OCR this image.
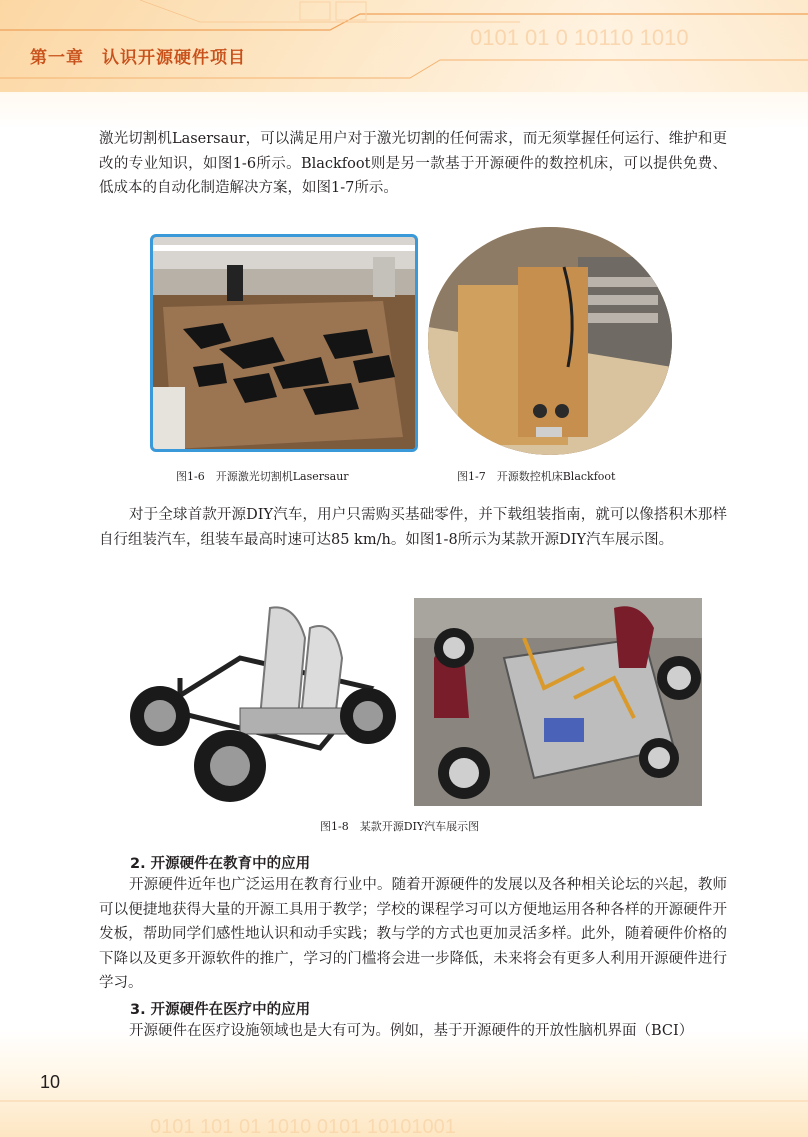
0101 01 0 10110 1010
第一章　认识开源硬件项目
激光切割机Lasersaur，可以满足用户对于激光切割的任何需求，而无须掌握任何运行、维护和更改的专业知识，如图1-6所示。Blackfoot则是另一款基于开源硬件的数控机床，可以提供免费、低成本的自动化制造解决方案，如图1-7所示。
图1-6　开源激光切割机Lasersaur	图1-7　开源数控机床Blackfoot
对于全球首款开源DIY汽车，用户只需购买基础零件，并下载组装指南，就可以像搭积木那样自行组装汽车，组装车最高时速可达85 km/h。如图1-8所示为某款开源DIY汽车展示图。
图1-8　某款开源DIY汽车展示图
2. 开源硬件在教育中的应用
开源硬件近年也广泛运用在教育行业中。随着开源硬件的发展以及各种相关论坛的兴起，教师可以便捷地获得大量的开源工具用于教学；学校的课程学习可以方便地运用各种各样的开源硬件开发板，帮助同学们感性地认识和动手实践；教与学的方式也更加灵活多样。此外，随着硬件价格的下降以及更多开源软件的推广，学习的门槛将会进一步降低，未来将会有更多人利用开源硬件进行学习。
3. 开源硬件在医疗中的应用
开源硬件在医疗设施领域也是大有可为。例如，基于开源硬件的开放性脑机界面（BCI）
10
0101 101 01 1010 0101 10101001
